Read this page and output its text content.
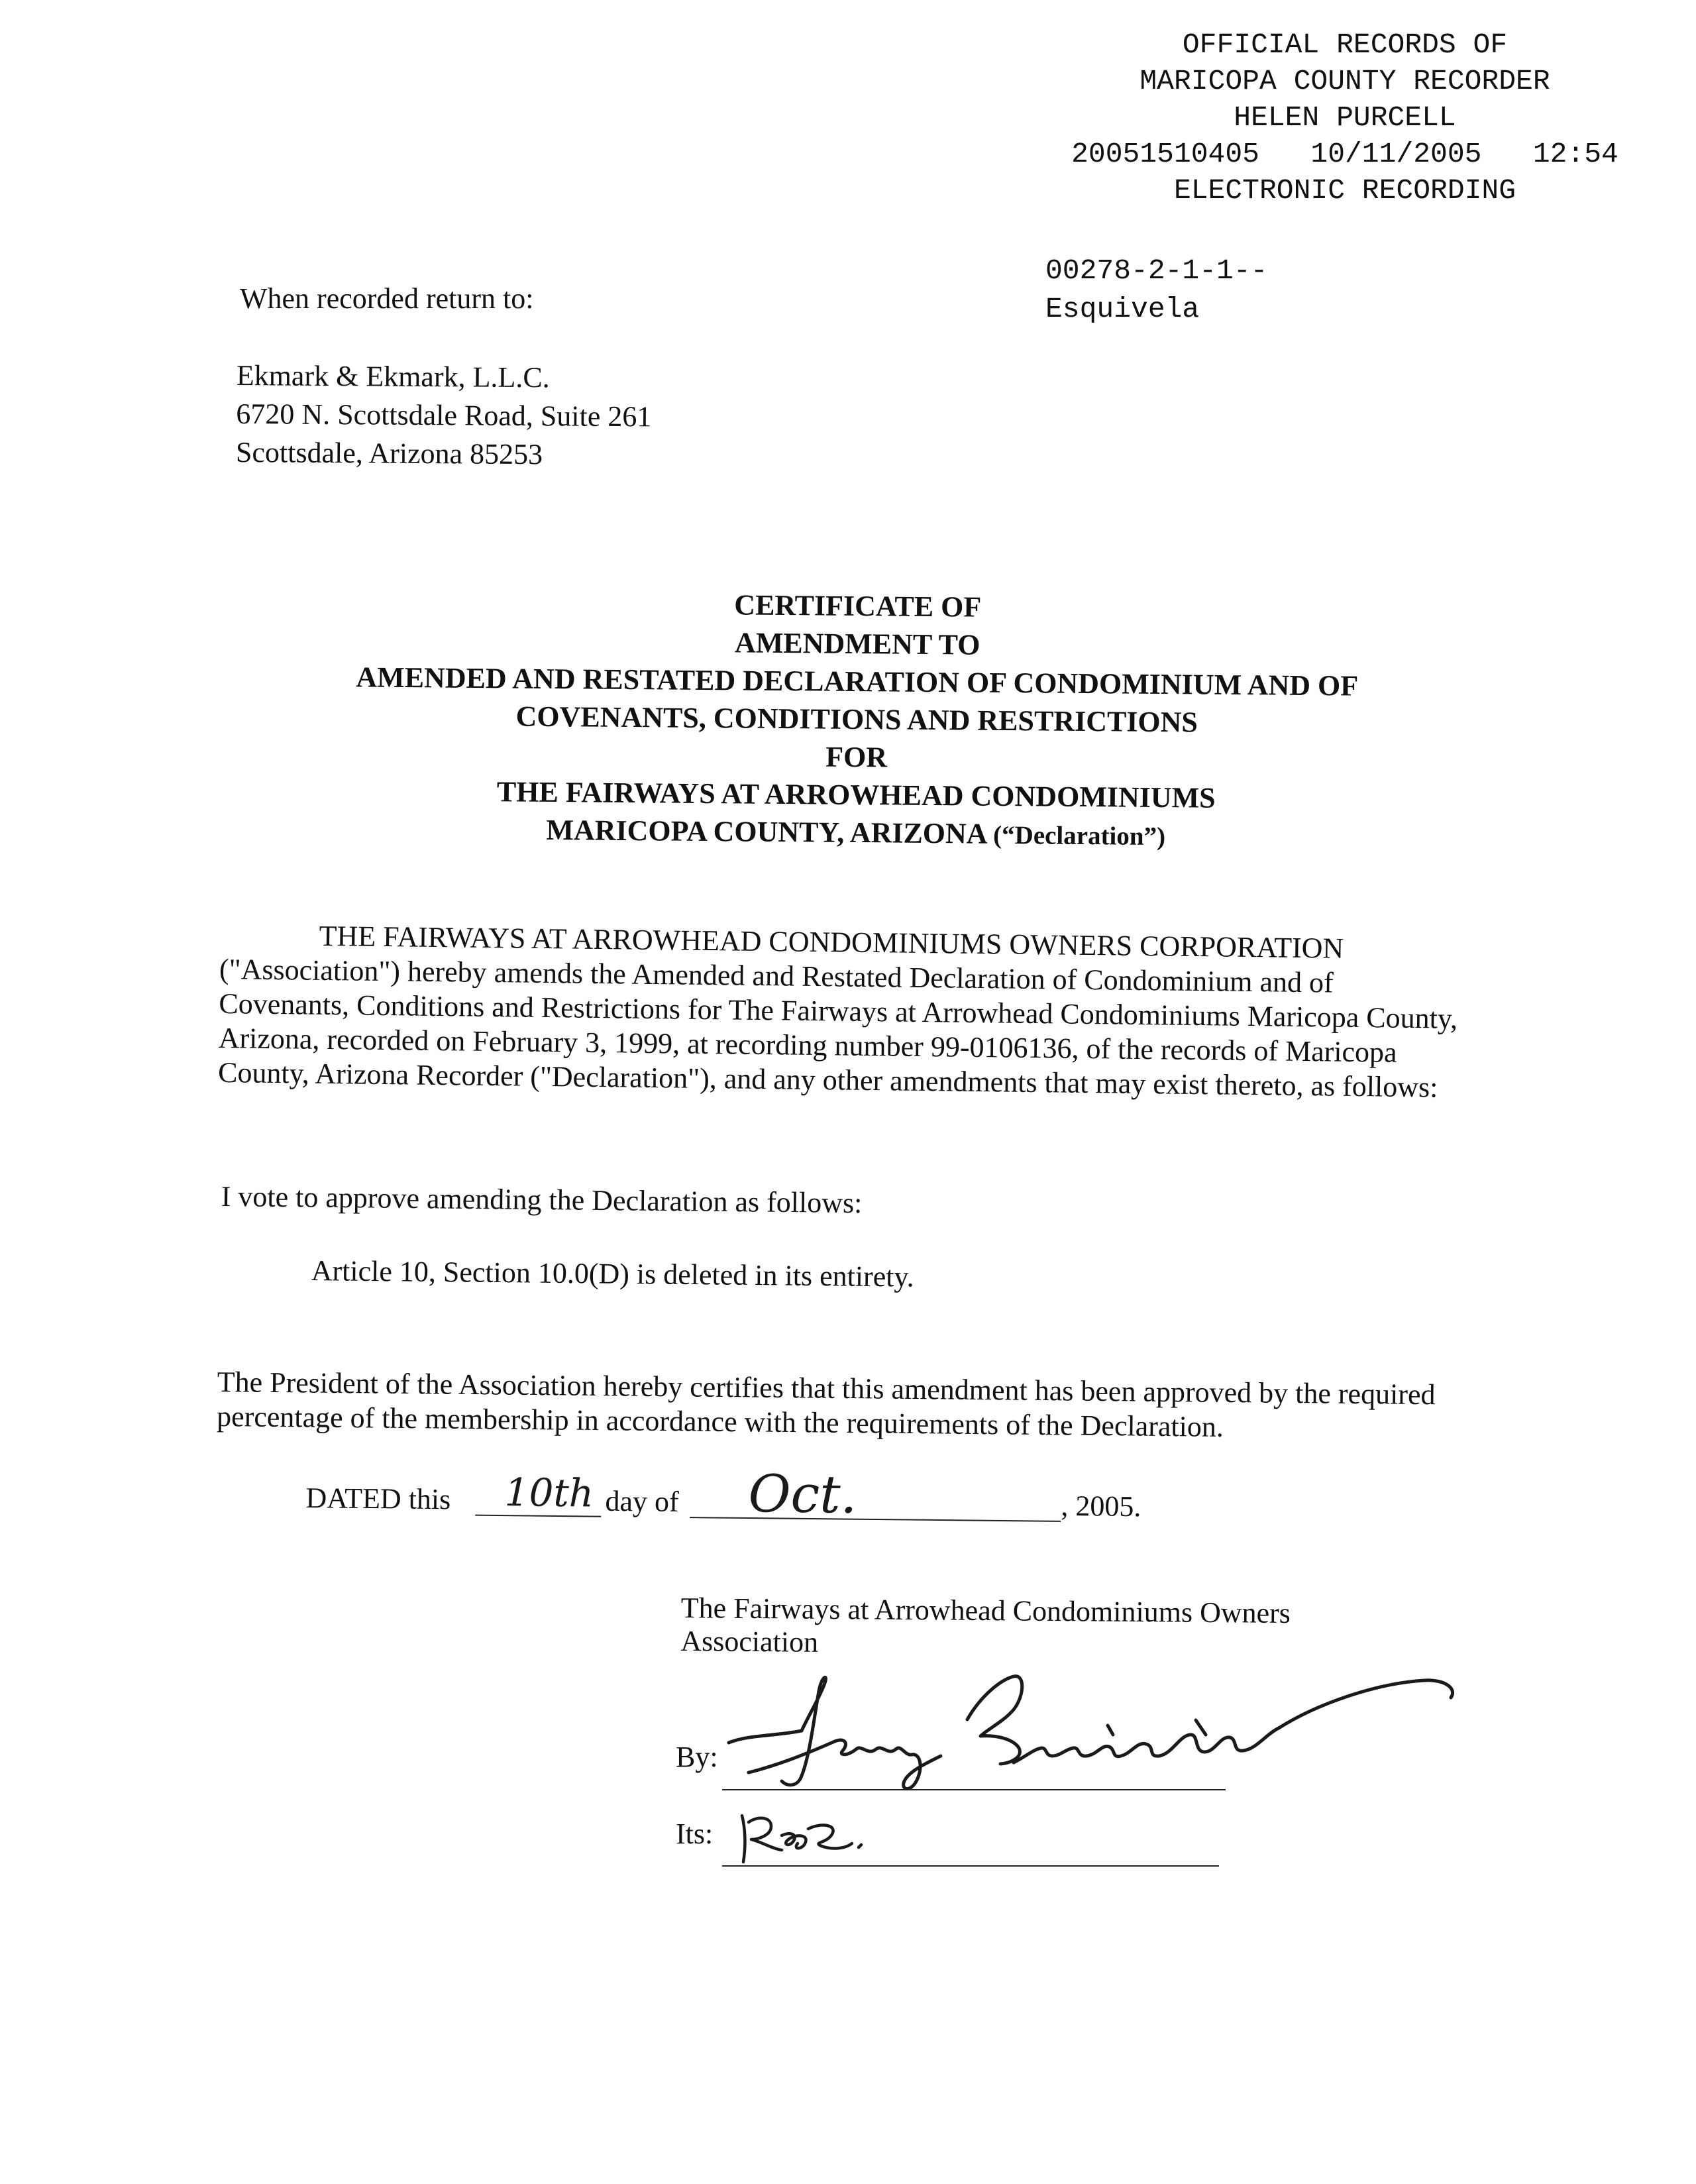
OFFICIAL RECORDS OF
MARICOPA COUNTY RECORDER
HELEN PURCELL
20051510405   10/11/2005   12:54
ELECTRONIC RECORDING
00278-2-1-1--
Esquivela
When recorded return to:
Ekmark & Ekmark, L.L.C.
6720 N. Scottsdale Road, Suite 261
Scottsdale, Arizona 85253
CERTIFICATE OF
AMENDMENT TO
AMENDED AND RESTATED DECLARATION OF CONDOMINIUM AND OF
COVENANTS, CONDITIONS AND RESTRICTIONS
FOR
THE FAIRWAYS AT ARROWHEAD CONDOMINIUMS
MARICOPA COUNTY, ARIZONA (“Declaration”)

THE FAIRWAYS AT ARROWHEAD CONDOMINIUMS OWNERS CORPORATION ("Association") hereby amends the Amended and Restated Declaration of Condominium and of Covenants, Conditions and Restrictions for The Fairways at Arrowhead Condominiums Maricopa County, Arizona, recorded on February 3, 1999, at recording number 99-0106136, of the records of Maricopa County, Arizona Recorder ("Declaration"), and any other amendments that may exist thereto, as follows:

I vote to approve amending the Declaration as follows:
Article 10, Section 10.0(D) is deleted in its entirety.
The President of the Association hereby certifies that this amendment has been approved by the required percentage of the membership in accordance with the requirements of the Declaration.
DATED this 10th day of Oct.	, 2005.
The Fairways at Arrowhead Condominiums Owners Association
By:
Its:
